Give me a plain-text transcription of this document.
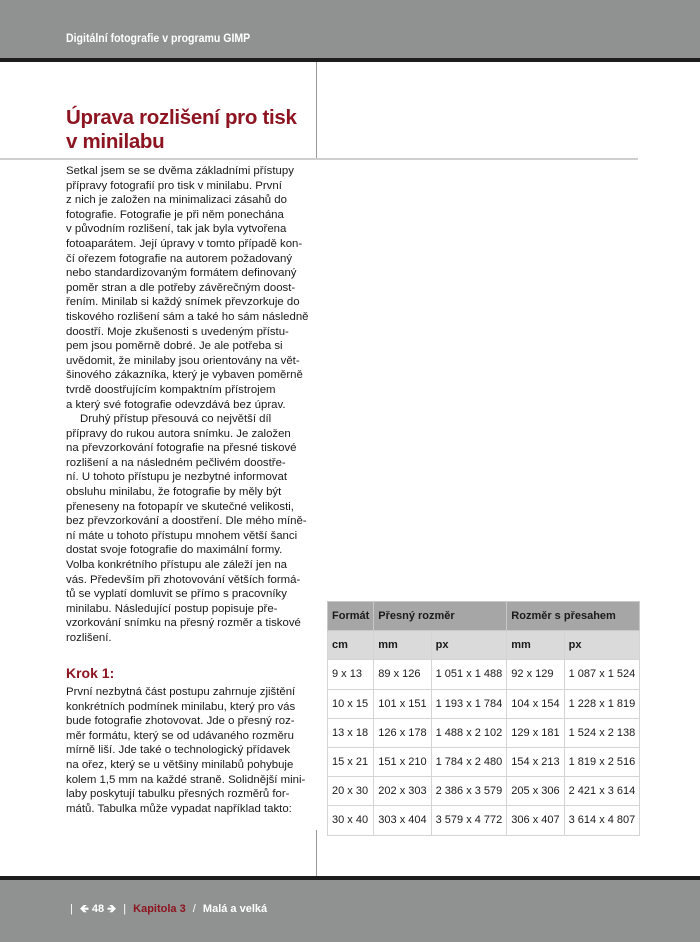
Digitální fotografie v programu GIMP
Úprava rozlišení pro tisk
v minilabu
Setkal jsem se se dvěma základními přístupy
přípravy fotografií pro tisk v minilabu. První
z nich je založen na minimalizaci zásahů do
fotografie. Fotografie je při něm ponechána
v původním rozlišení, tak jak byla vytvořena
fotoaparátem. Její úpravy v tomto případě kon-
čí ořezem fotografie na autorem požadovaný
nebo standardizovaným formátem definovaný
poměr stran a dle potřeby závěrečným doost-
řením. Minilab si každý snímek převzorkuje do
tiskového rozlišení sám a také ho sám následně
doostří. Moje zkušenosti s uvedeným přístu-
pem jsou poměrně dobré. Je ale potřeba si
uvědomit, že minilaby jsou orientovány na vět-
šinového zákazníka, který je vybaven poměrně
tvrdě doostřujícím kompaktním přístrojem
a který své fotografie odevzdává bez úprav.
Druhý přístup přesouvá co největší díl
přípravy do rukou autora snímku. Je založen
na převzorkování fotografie na přesné tiskové
rozlišení a na následném pečlivém doostře-
ní. U tohoto přístupu je nezbytné informovat
obsluhu minilabu, že fotografie by měly být
přeneseny na fotopapír ve skutečné velikosti,
bez převzorkování a doostření. Dle mého míně-
ní máte u tohoto přístupu mnohem větší šanci
dostat svoje fotografie do maximální formy.
Volba konkrétního přístupu ale záleží jen na
vás. Především při zhotovování větších formá-
tů se vyplatí domluvit se přímo s pracovníky
minilabu. Následující postup popisuje pře-
vzorkování snímku na přesný rozměr a tiskové
rozlišení.
Krok 1:
První nezbytná část postupu zahrnuje zjištění
konkrétních podmínek minilabu, který pro vás
bude fotografie zhotovovat. Jde o přesný roz-
měr formátu, který se od udávaného rozměru
mírně liší. Jde také o technologický přídavek
na ořez, který se u většiny minilabů pohybuje
kolem 1,5 mm na každé straně. Solidnější mini-
laby poskytují tabulku přesných rozměrů for-
mátů. Tabulka může vypadat například takto:
Formát	Přesný rozměr		Rozměr s přesahem	
cm	mm	px	mm	px
9 x 13	89 x 126	1 051 x 1 488	92 x 129	1 087 x 1 524
10 x 15	101 x 151	1 193 x 1 784	104 x 154	1 228 x 1 819
13 x 18	126 x 178	1 488 x 2 102	129 x 181	1 524 x 2 138
15 x 21	151 x 210	1 784 x 2 480	154 x 213	1 819 x 2 516
20 x 30	202 x 303	2 386 x 3 579	205 x 306	2 421 x 3 614
30 x 40	303 x 404	3 579 x 4 772	306 x 407	3 614 x 4 807
| 🡸 48 🡺 | Kapitola 3 / Malá a velká
